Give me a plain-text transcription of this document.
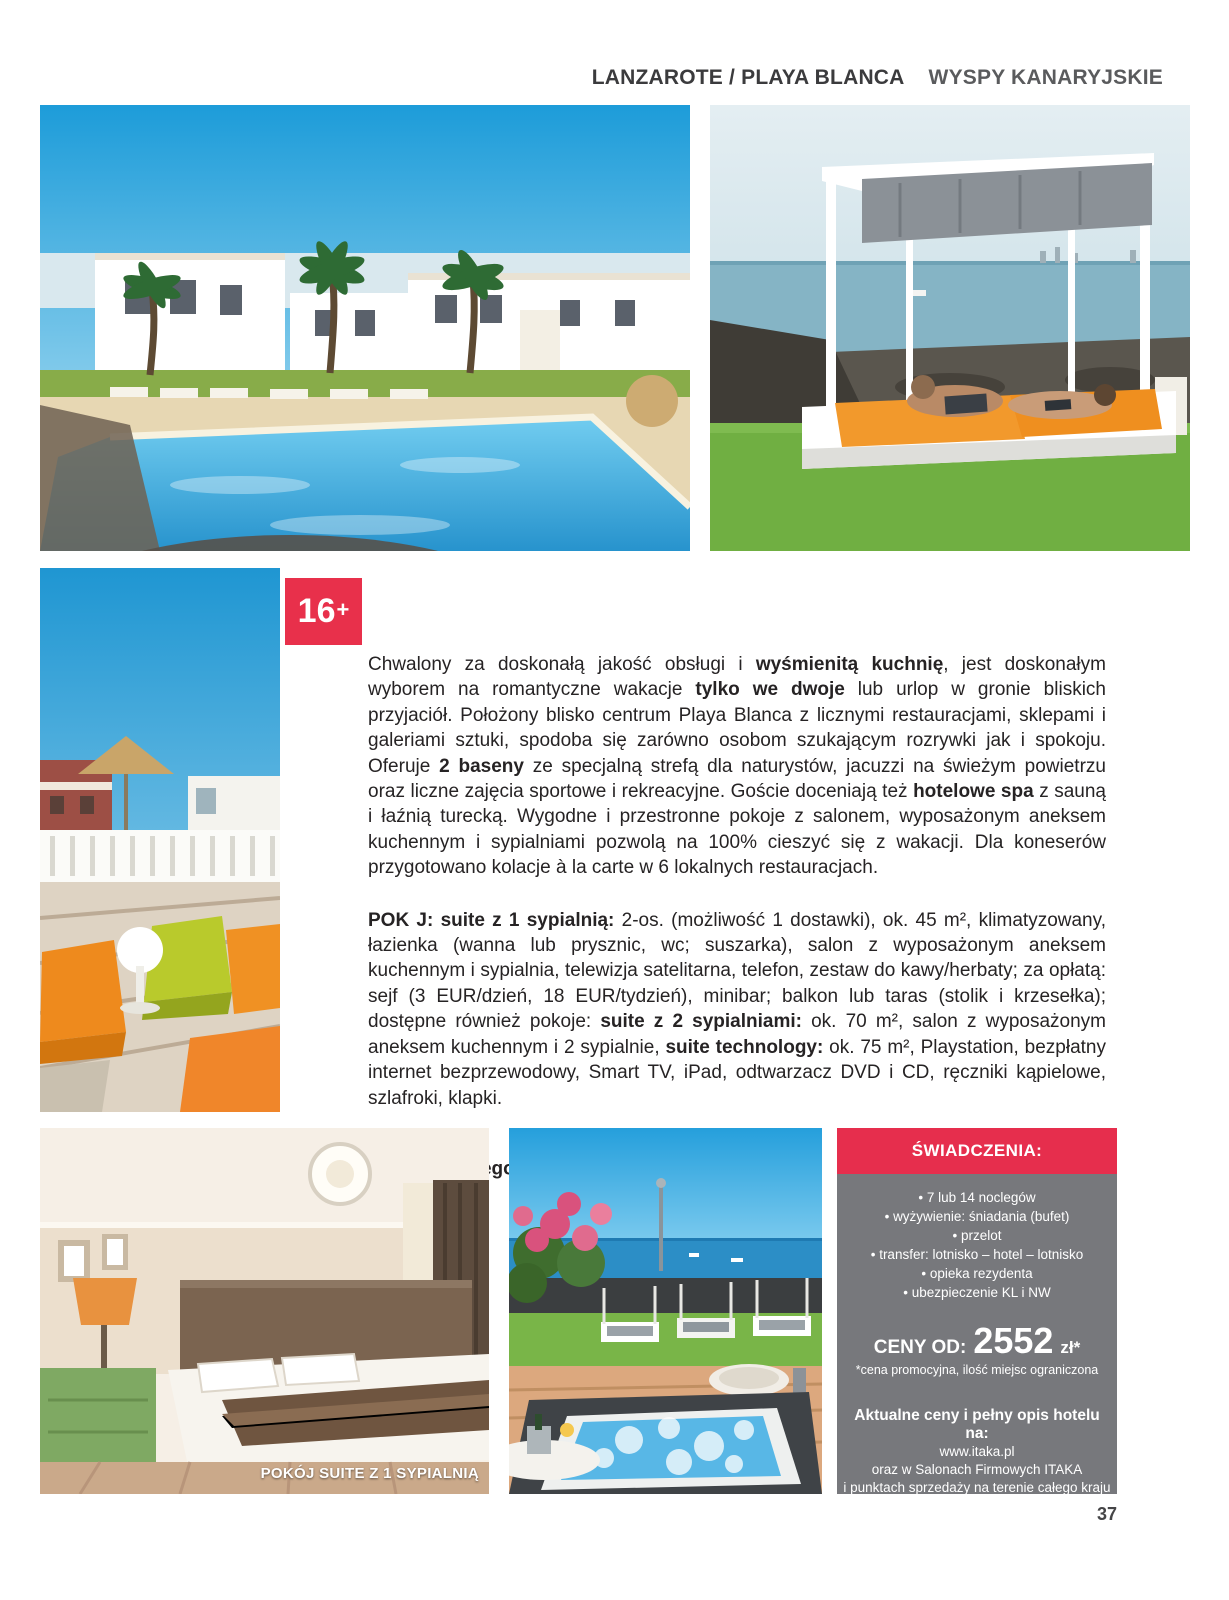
LANZAROTE / PLAYA BLANCA WYSPY KANARYJSKIE
16 +

Chwalony za doskonałą jakość obsługi i wyśmienitą kuchnię, jest doskonałym wyborem na romantyczne wakacje tylko we dwoje lub urlop w gronie bliskich przyjaciół. Położony blisko centrum Playa Blanca z licznymi restauracjami, sklepami i galeriami sztuki, spodoba się zarówno osobom szukającym rozrywki jak i spokoju. Oferuje 2 baseny ze specjalną strefą dla naturystów, jacuzzi na świeżym powietrzu oraz liczne zajęcia sportowe i rekreacyjne. Goście doceniają też hotelowe spa z sauną i łaźnią turecką. Wygodne i przestronne pokoje z salonem, wyposażonym aneksem kuchennym i sypialniami pozwolą na 100% cieszyć się z wakacji. Dla koneserów przygotowano kolacje à la carte w 6 lokalnych restauracjach.

POK J: suite z 1 sypialnią: 2-os. (możliwość 1 dostawki), ok. 45 m², klimatyzowany, łazienka (wanna lub prysznic, wc; suszarka), salon z wyposażonym aneksem kuchennym i sypialnia, telewizja satelitarna, telefon, zestaw do kawy/herbaty; za opłatą: sejf (3 EUR/dzień, 18 EUR/tydzień), minibar; balkon lub taras (stolik i krzesełka); dostępne również pokoje: suite z 2 sypialniami: ok. 70 m², salon z wyposażonym aneksem kuchennym i 2 sypialnie, suite technology: ok. 75 m², Playstation, bezpłatny internet bezprzewodowy, Smart TV, iPad, odtwarzacz DVD i CD, ręczniki kąpielowe, szlafroki, klapki.

POKÓJ SUITE Z 1 SYPIALNIĄ
ŚWIADCZENIA:
• 7 lub 14 noclegów
• wyżywienie: śniadania (bufet)
• przelot
• transfer: lotnisko – hotel – lotnisko
• opieka rezydenta
• ubezpieczenie KL i NW
CENY OD: 2552 zł*
*cena promocyjna, ilość miejsc ograniczona
Aktualne ceny i pełny opis hotelu na:
www.itaka.pl
oraz w Salonach Firmowych ITAKA
i punktach sprzedaży na terenie całego kraju
37
